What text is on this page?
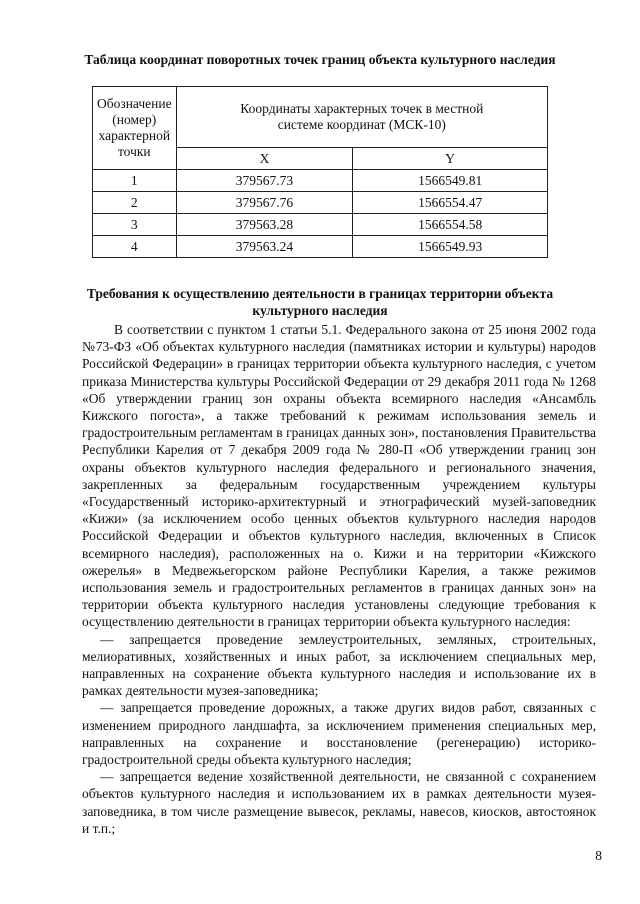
Таблица координат поворотных точек границ объекта культурного наследия
Обозначение (номер) характерной точки	Координаты характерных точек в местной системе координат (МСК-10)	
	X	Y
1	379567.73	1566549.81
2	379567.76	1566554.47
3	379563.28	1566554.58
4	379563.24	1566549.93
Требования к осуществлению деятельности в границах территории объекта культурного наследия

В соответствии с пунктом 1 статьи 5.1. Федерального закона от 25 июня 2002 года №73-ФЗ «Об объектах культурного наследия (памятниках истории и культуры) народов Российской Федерации» в границах территории объекта культурного наследия, с учетом приказа Министерства культуры Российской Федерации от 29 декабря 2011 года № 1268 «Об утверждении границ зон охраны объекта всемирного наследия «Ансамбль Кижского погоста», а также требований к режимам использования земель и градостроительным регламентам в границах данных зон», постановления Правительства Республики Карелия от 7 декабря 2009 года № 280-П «Об утверждении границ зон охраны объектов культурного наследия федерального и регионального значения, закрепленных за федеральным государственным учреждением культуры «Государственный историко-архитектурный и этнографический музей-заповедник «Кижи» (за исключением особо ценных объектов культурного наследия народов Российской Федерации и объектов культурного наследия, включенных в Список всемирного наследия), расположенных на о. Кижи и на территории «Кижского ожерелья» в Медвежьегорском районе Республики Карелия, а также режимов использования земель и градостроительных регламентов в границах данных зон» на территории объекта культурного наследия установлены следующие требования к осуществлению деятельности в границах территории объекта культурного наследия:

— запрещается проведение землеустроительных, земляных, строительных, мелиоративных, хозяйственных и иных работ, за исключением специальных мер, направленных на сохранение объекта культурного наследия и использование их в рамках деятельности музея-заповедника;

— запрещается проведение дорожных, а также других видов работ, связанных с изменением природного ландшафта, за исключением применения специальных мер, направленных на сохранение и восстановление (регенерацию) историко-градостроительной среды объекта культурного наследия;

— запрещается ведение хозяйственной деятельности, не связанной с сохранением объектов культурного наследия и использованием их в рамках деятельности музея-заповедника, в том числе размещение вывесок, рекламы, навесов, киосков, автостоянок и т.п.;

8
